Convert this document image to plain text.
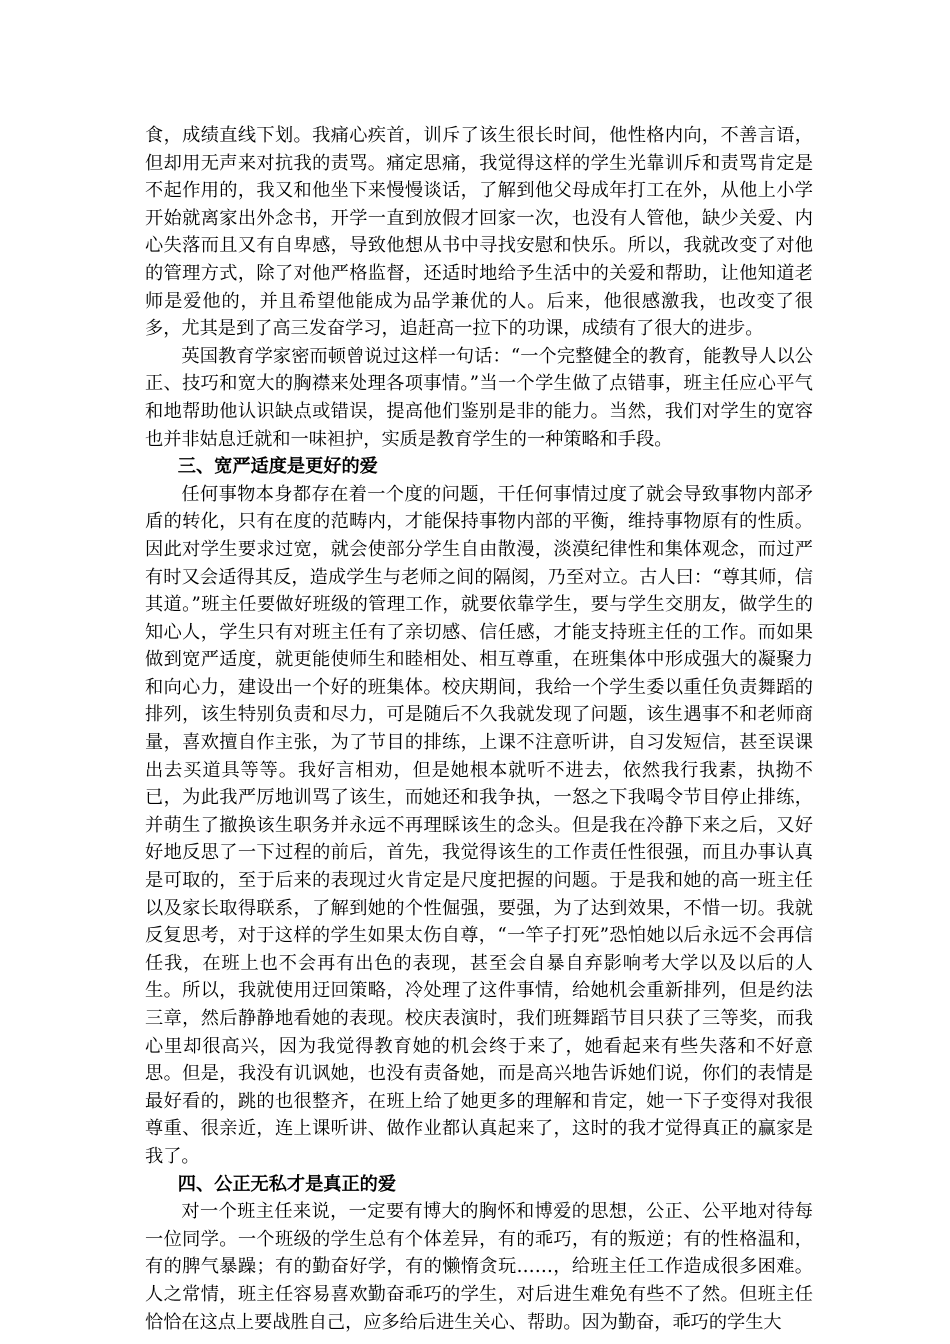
食，成绩直线下划。我痛心疾首，训斥了该生很长时间，他性格内向，不善言语，但却用无声来对抗我的责骂。痛定思痛，我觉得这样的学生光靠训斥和责骂肯定是不起作用的，我又和他坐下来慢慢谈话，了解到他父母成年打工在外，从他上小学开始就离家出外念书，开学一直到放假才回家一次，也没有人管他，缺少关爱、内心失落而且又有自卑感，导致他想从书中寻找安慰和快乐。所以，我就改变了对他的管理方式，除了对他严格监督，还适时地给予生活中的关爱和帮助，让他知道老师是爱他的，并且希望他能成为品学兼优的人。后来，他很感激我，也改变了很多，尤其是到了高三发奋学习，追赶高一拉下的功课，成绩有了很大的进步。

英国教育学家密而顿曾说过这样一句话：“一个完整健全的教育，能教导人以公正、技巧和宽大的胸襟来处理各项事情。”当一个学生做了点错事，班主任应心平气和地帮助他认识缺点或错误，提高他们鉴别是非的能力。当然，我们对学生的宽容也并非姑息迁就和一味袒护，实质是教育学生的一种策略和手段。

三、宽严适度是更好的爱

任何事物本身都存在着一个度的问题，干任何事情过度了就会导致事物内部矛盾的转化，只有在度的范畴内，才能保持事物内部的平衡，维持事物原有的性质。因此对学生要求过宽，就会使部分学生自由散漫，淡漠纪律性和集体观念，而过严有时又会适得其反，造成学生与老师之间的隔阂，乃至对立。古人曰：“尊其师，信其道。”班主任要做好班级的管理工作，就要依靠学生，要与学生交朋友，做学生的知心人，学生只有对班主任有了亲切感、信任感，才能支持班主任的工作。而如果做到宽严适度，就更能使师生和睦相处、相互尊重，在班集体中形成强大的凝聚力和向心力，建设出一个好的班集体。校庆期间，我给一个学生委以重任负责舞蹈的排列，该生特别负责和尽力，可是随后不久我就发现了问题，该生遇事不和老师商量，喜欢擅自作主张，为了节目的排练，上课不注意听讲，自习发短信，甚至误课出去买道具等等。我好言相劝，但是她根本就听不进去，依然我行我素，执拗不已，为此我严厉地训骂了该生，而她还和我争执，一怒之下我喝令节目停止排练，并萌生了撤换该生职务并永远不再理睬该生的念头。但是我在冷静下来之后，又好好地反思了一下过程的前后，首先，我觉得该生的工作责任性很强，而且办事认真是可取的，至于后来的表现过火肯定是尺度把握的问题。于是我和她的高一班主任以及家长取得联系，了解到她的个性倔强，要强，为了达到效果，不惜一切。我就反复思考，对于这样的学生如果太伤自尊，“一竿子打死”恐怕她以后永远不会再信任我，在班上也不会再有出色的表现，甚至会自暴自弃影响考大学以及以后的人生。所以，我就使用迂回策略，冷处理了这件事情，给她机会重新排列，但是约法三章，然后静静地看她的表现。校庆表演时，我们班舞蹈节目只获了三等奖，而我心里却很高兴，因为我觉得教育她的机会终于来了，她看起来有些失落和不好意思。但是，我没有讥讽她，也没有责备她，而是高兴地告诉她们说，你们的表情是最好看的，跳的也很整齐，在班上给了她更多的理解和肯定，她一下子变得对我很尊重、很亲近，连上课听讲、做作业都认真起来了，这时的我才觉得真正的赢家是我了。

四、公正无私才是真正的爱

对一个班主任来说，一定要有博大的胸怀和博爱的思想，公正、公平地对待每一位同学。一个班级的学生总有个体差异，有的乖巧，有的叛逆；有的性格温和，有的脾气暴躁；有的勤奋好学，有的懒惰贪玩……，给班主任工作造成很多困难。人之常情，班主任容易喜欢勤奋乖巧的学生，对后进生难免有些不了然。但班主任恰恰在这点上要战胜自己，应多给后进生关心、帮助。因为勤奋，乖巧的学生大
